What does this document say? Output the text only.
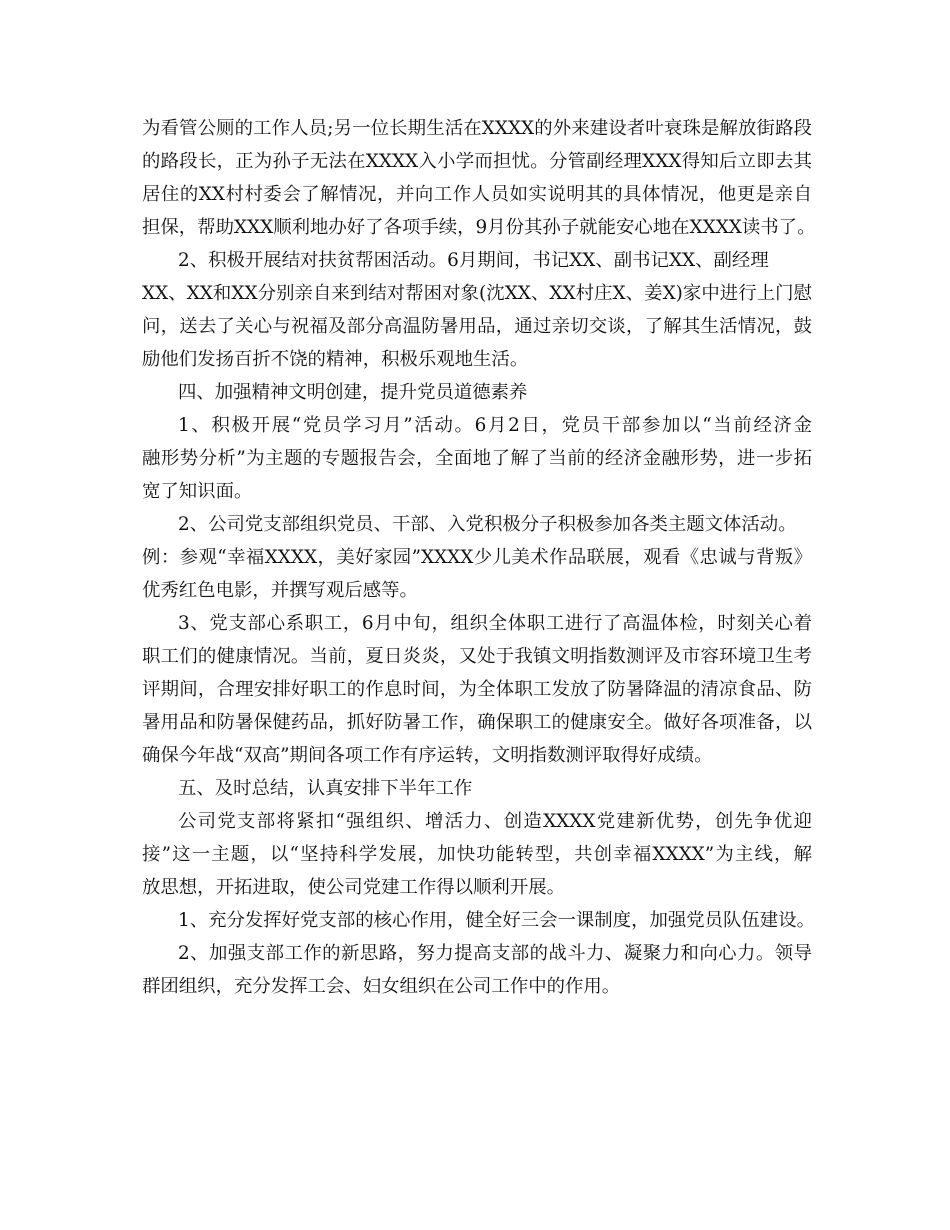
为看管公厕的工作人员;另一位长期生活在XXXX的外来建设者叶衰珠是解放街路段
的路段长，正为孙子无法在XXXX入小学而担忧。分管副经理XXX得知后立即去其
居住的XX村村委会了解情况，并向工作人员如实说明其的具体情况，他更是亲自
担保，帮助XXX顺利地办好了各项手续，9月份其孙子就能安心地在XXXX读书了。
2、积极开展结对扶贫帮困活动。6月期间，书记XX、副书记XX、副经理
XX、XX和XX分别亲自来到结对帮困对象(沈XX、XX村庄X、姜X)家中进行上门慰
问，送去了关心与祝福及部分高温防暑用品，通过亲切交谈，了解其生活情况，鼓
励他们发扬百折不饶的精神，积极乐观地生活。
四、加强精神文明创建，提升党员道德素养
1、积极开展“党员学习月”活动。6月2日，党员干部参加以“当前经济金
融形势分析”为主题的专题报告会，全面地了解了当前的经济金融形势，进一步拓
宽了知识面。
2、公司党支部组织党员、干部、入党积极分子积极参加各类主题文体活动。
例：参观“幸福XXXX，美好家园”XXXX少儿美术作品联展，观看《忠诚与背叛》
优秀红色电影，并撰写观后感等。
3、党支部心系职工，6月中旬，组织全体职工进行了高温体检，时刻关心着
职工们的健康情况。当前，夏日炎炎，又处于我镇文明指数测评及市容环境卫生考
评期间，合理安排好职工的作息时间，为全体职工发放了防暑降温的清凉食品、防
暑用品和防暑保健药品，抓好防暑工作，确保职工的健康安全。做好各项准备，以
确保今年战“双高”期间各项工作有序运转，文明指数测评取得好成绩。
五、及时总结，认真安排下半年工作
公司党支部将紧扣“强组织、增活力、创造XXXX党建新优势，创先争优迎
接”这一主题，以“坚持科学发展，加快功能转型，共创幸福XXXX”为主线，解
放思想，开拓进取，使公司党建工作得以顺利开展。
1、充分发挥好党支部的核心作用，健全好三会一课制度，加强党员队伍建设。
2、加强支部工作的新思路，努力提高支部的战斗力、凝聚力和向心力。领导
群团组织，充分发挥工会、妇女组织在公司工作中的作用。
